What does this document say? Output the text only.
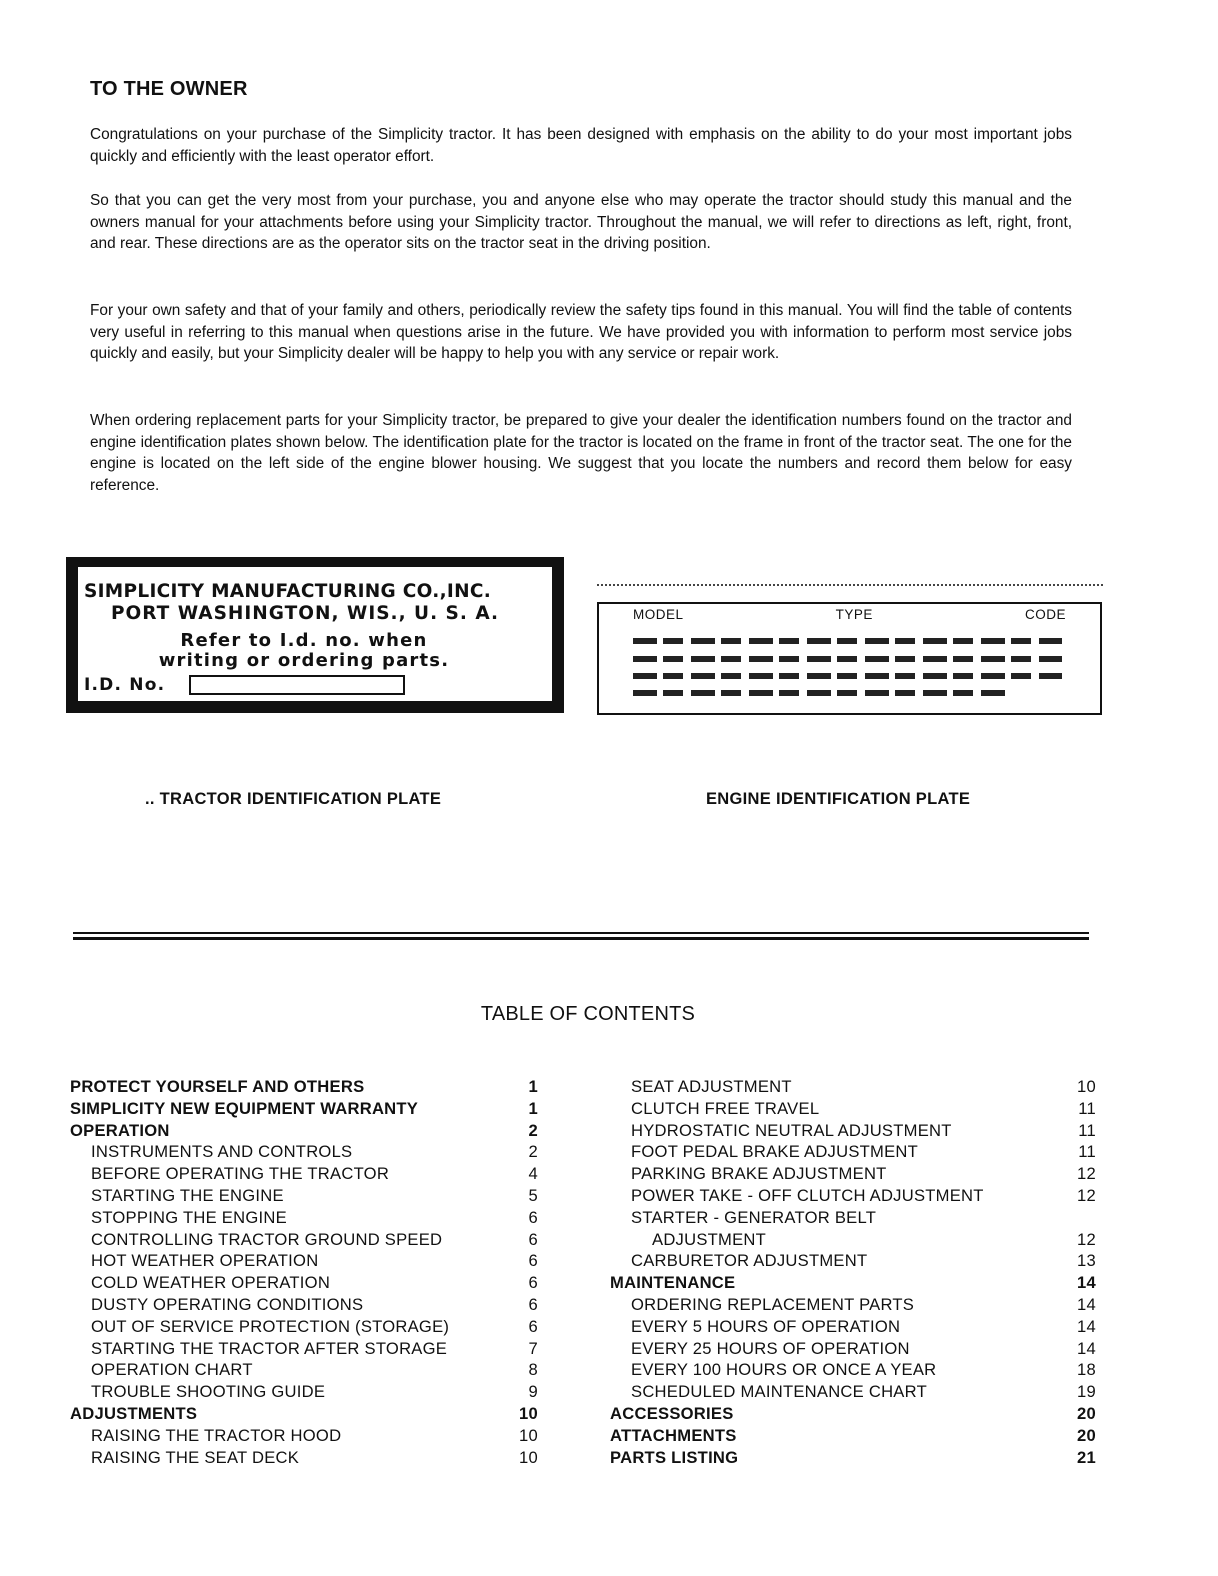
TO THE OWNER

Congratulations on your purchase of the Simplicity tractor. It has been designed with emphasis on the ability to do your most important jobs quickly and efficiently with the least operator effort.

So that you can get the very most from your purchase, you and anyone else who may operate the tractor should study this manual and the owners manual for your attachments before using your Simplicity tractor. Throughout the manual, we will refer to directions as left, right, front, and rear. These directions are as the operator sits on the tractor seat in the driving position.

For your own safety and that of your family and others, periodically review the safety tips found in this manual. You will find the table of contents very useful in referring to this manual when questions arise in the future. We have provided you with information to perform most service jobs quickly and easily, but your Simplicity dealer will be happy to help you with any service or repair work.

When ordering replacement parts for your Simplicity tractor, be prepared to give your dealer the identification numbers found on the tractor and engine identification plates shown below. The identification plate for the tractor is located on the frame in front of the tractor seat. The one for the engine is located on the left side of the engine blower housing. We suggest that you locate the numbers and record them below for easy reference.

SIMPLICITY MANUFACTURING CO.,INC.
PORT WASHINGTON, WIS., U. S. A.
Refer to I.d. no. when
writing or ordering parts.
I.D. No.
MODEL	TYPE	CODE
.. TRACTOR IDENTIFICATION PLATE	ENGINE IDENTIFICATION PLATE
TABLE OF CONTENTS
PROTECT YOURSELF AND OTHERS	1
SIMPLICITY NEW EQUIPMENT WARRANTY	1
OPERATION	2
INSTRUMENTS AND CONTROLS	2
BEFORE OPERATING THE TRACTOR	4
STARTING THE ENGINE	5
STOPPING THE ENGINE	6
CONTROLLING TRACTOR GROUND SPEED	6
HOT WEATHER OPERATION	6
COLD WEATHER OPERATION	6
DUSTY OPERATING CONDITIONS	6
OUT OF SERVICE PROTECTION (STORAGE)	6
STARTING THE TRACTOR AFTER STORAGE	7
OPERATION CHART	8
TROUBLE SHOOTING GUIDE	9
ADJUSTMENTS	10
RAISING THE TRACTOR HOOD	10
RAISING THE SEAT DECK	10
SEAT ADJUSTMENT	10
CLUTCH FREE TRAVEL	11
HYDROSTATIC NEUTRAL ADJUSTMENT	11
FOOT PEDAL BRAKE ADJUSTMENT	11
PARKING BRAKE ADJUSTMENT	12
POWER TAKE - OFF CLUTCH ADJUSTMENT	12
STARTER - GENERATOR BELT
ADJUSTMENT	12
CARBURETOR ADJUSTMENT	13
MAINTENANCE	14
ORDERING REPLACEMENT PARTS	14
EVERY 5 HOURS OF OPERATION	14
EVERY 25 HOURS OF OPERATION	14
EVERY 100 HOURS OR ONCE A YEAR	18
SCHEDULED MAINTENANCE CHART	19
ACCESSORIES	20
ATTACHMENTS	20
PARTS LISTING	21
